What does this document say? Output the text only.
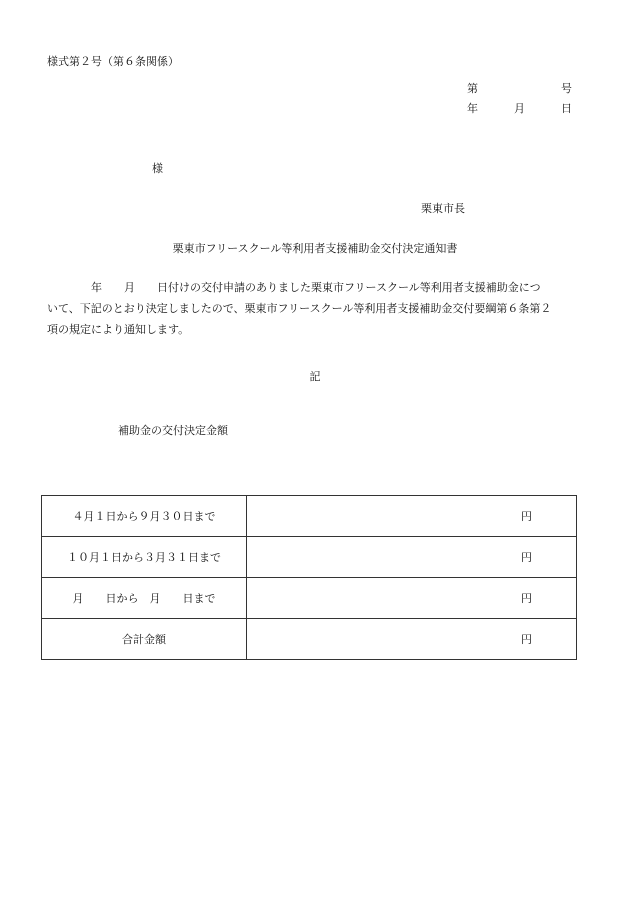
様式第２号（第６条関係）
第	号
年	月	日
様
栗東市長
栗東市フリースクール等利用者支援補助金交付決定通知書
　　　　年　　月　　日付けの交付申請のありました栗東市フリースクール等利用者支援補助金につ
いて、下記のとおり決定しましたので、栗東市フリースクール等利用者支援補助金交付要綱第６条第２
項の規定により通知します。
記
補助金の交付決定金額
４月１日から９月３０日まで	円
１０月１日から３月３１日まで	円
月　　日から　月　　日まで	円
合計金額	円
